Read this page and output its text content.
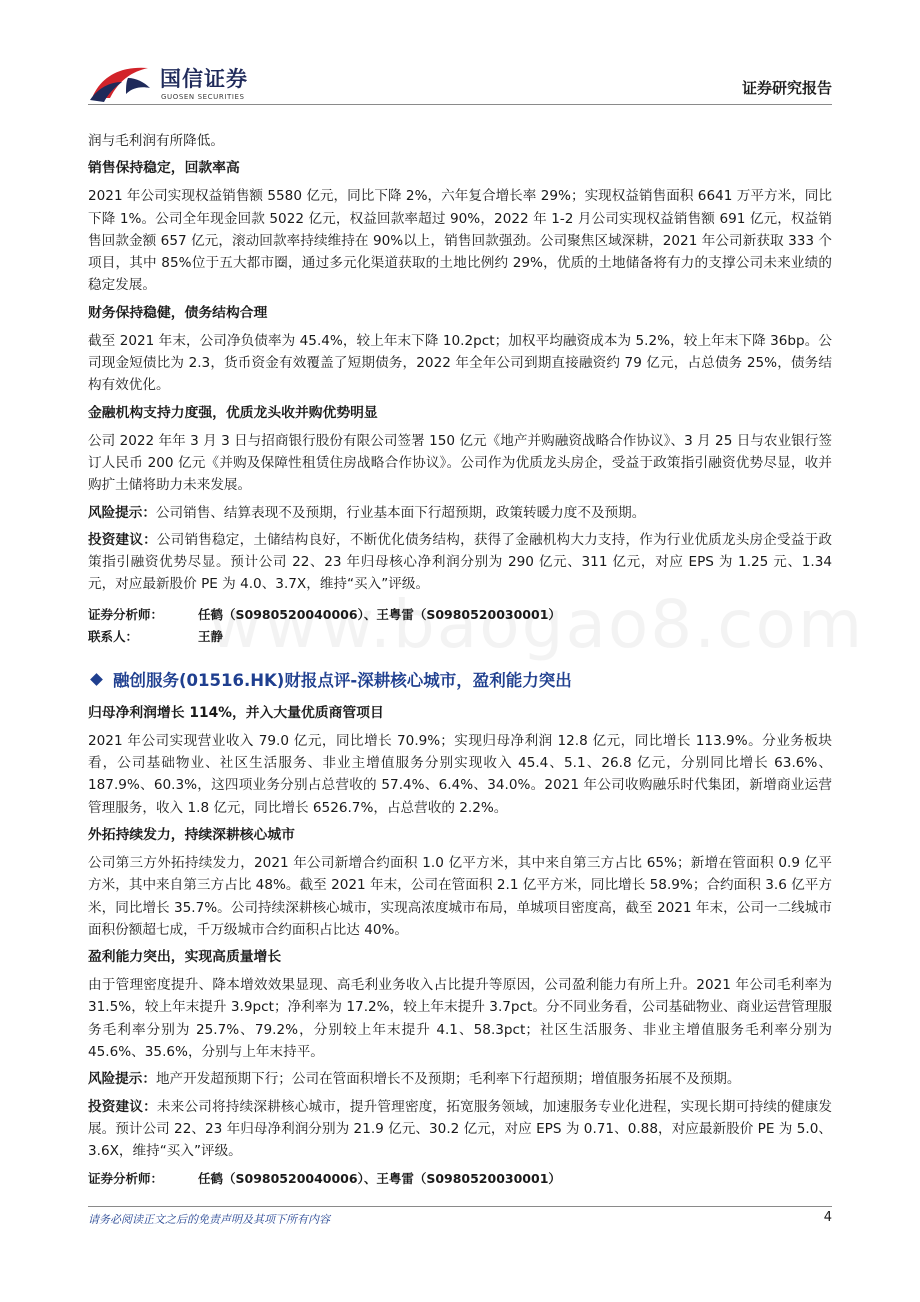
国信证券
GUOSEN SECURITIES	证券研究报告

润与毛利润有所降低。

销售保持稳定，回款率高

2021 年公司实现权益销售额 5580 亿元，同比下降 2%，六年复合增长率 29%；实现权益销售面积 6641 万平方米，同比下降 1%。公司全年现金回款 5022 亿元，权益回款率超过 90%，2022 年 1-2 月公司实现权益销售额 691 亿元，权益销售回款金额 657 亿元，滚动回款率持续维持在 90%以上，销售回款强劲。公司聚焦区域深耕，2021 年公司新获取 333 个项目，其中 85%位于五大都市圈，通过多元化渠道获取的土地比例约 29%，优质的土地储备将有力的支撑公司未来业绩的稳定发展。

财务保持稳健，债务结构合理

截至 2021 年末，公司净负债率为 45.4%，较上年末下降 10.2pct；加权平均融资成本为 5.2%，较上年末下降 36bp。公司现金短债比为 2.3，货币资金有效覆盖了短期债务，2022 年全年公司到期直接融资约 79 亿元，占总债务 25%，债务结构有效优化。

金融机构支持力度强，优质龙头收并购优势明显

公司 2022 年年 3 月 3 日与招商银行股份有限公司签署 150 亿元《地产并购融资战略合作协议》、3 月 25 日与农业银行签订人民币 200 亿元《并购及保障性租赁住房战略合作协议》。公司作为优质龙头房企，受益于政策指引融资优势尽显，收并购扩土储将助力未来发展。

风险提示：公司销售、结算表现不及预期，行业基本面下行超预期，政策转暖力度不及预期。

投资建议：公司销售稳定，土储结构良好，不断优化债务结构，获得了金融机构大力支持，作为行业优质龙头房企受益于政策指引融资优势尽显。预计公司 22、23 年归母核心净利润分别为 290 亿元、311 亿元，对应 EPS 为 1.25 元、1.34 元，对应最新股价 PE 为 4.0、3.7X，维持“买入”评级。

证券分析师：	任鹤（S0980520040006）、王粤雷（S0980520030001）

联系人：	王静

融创服务(01516.HK)财报点评-深耕核心城市，盈利能力突出

归母净利润增长 114%，并入大量优质商管项目

2021 年公司实现营业收入 79.0 亿元，同比增长 70.9%；实现归母净利润 12.8 亿元，同比增长 113.9%。分业务板块看，公司基础物业、社区生活服务、非业主增值服务分别实现收入 45.4、5.1、26.8 亿元，分别同比增长 63.6%、187.9%、60.3%，这四项业务分别占总营收的 57.4%、6.4%、34.0%。2021 年公司收购融乐时代集团，新增商业运营管理服务，收入 1.8 亿元，同比增长 6526.7%，占总营收的 2.2%。

外拓持续发力，持续深耕核心城市

公司第三方外拓持续发力，2021 年公司新增合约面积 1.0 亿平方米，其中来自第三方占比 65%；新增在管面积 0.9 亿平方米，其中来自第三方占比 48%。截至 2021 年末，公司在管面积 2.1 亿平方米，同比增长 58.9%；合约面积 3.6 亿平方米，同比增长 35.7%。公司持续深耕核心城市，实现高浓度城市布局，单城项目密度高，截至 2021 年末，公司一二线城市面积份额超七成，千万级城市合约面积占比达 40%。

盈利能力突出，实现高质量增长

由于管理密度提升、降本增效效果显现、高毛利业务收入占比提升等原因，公司盈利能力有所上升。2021 年公司毛利率为 31.5%，较上年末提升 3.9pct；净利率为 17.2%，较上年末提升 3.7pct。分不同业务看，公司基础物业、商业运营管理服务毛利率分别为 25.7%、79.2%，分别较上年末提升 4.1、58.3pct；社区生活服务、非业主增值服务毛利率分别为 45.6%、35.6%，分别与上年末持平。

风险提示：地产开发超预期下行；公司在管面积增长不及预期；毛利率下行超预期；增值服务拓展不及预期。

投资建议：未来公司将持续深耕核心城市，提升管理密度，拓宽服务领域，加速服务专业化进程，实现长期可持续的健康发展。预计公司 22、23 年归母净利润分别为 21.9 亿元、30.2 亿元，对应 EPS 为 0.71、0.88，对应最新股价 PE 为 5.0、3.6X，维持“买入”评级。

证券分析师：	任鹤（S0980520040006）、王粤雷（S0980520030001）

请务必阅读正文之后的免责声明及其项下所有内容	4
